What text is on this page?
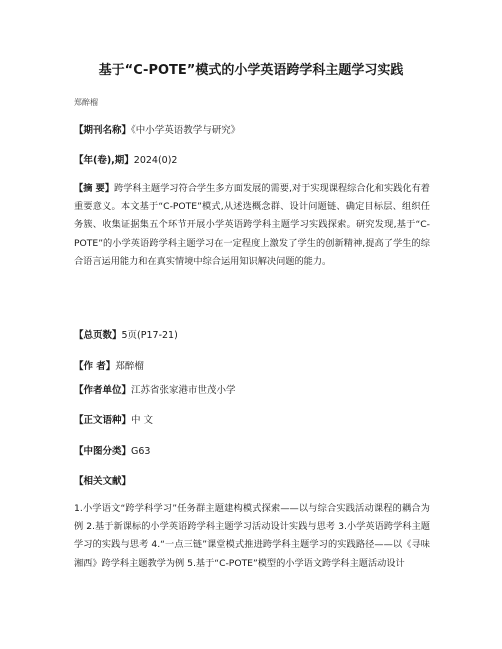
基于“C-POTE”模式的小学英语跨学科主题学习实践
郑醉榴
【期刊名称】《中小学英语教学与研究》
【年(卷),期】2024(0)2
【摘 要】跨学科主题学习符合学生多方面发展的需要,对于实现课程综合化和实践化有着重要意义。本文基于“C-POTE”模式,从述选概念群、设计问题链、确定目标层、组织任务簇、收集证据集五个环节开展小学英语跨学科主题学习实践探索。研究发现,基于“C-POTE”的小学英语跨学科主题学习在一定程度上激发了学生的创新精神,提高了学生的综合语言运用能力和在真实情境中综合运用知识解决问题的能力。
【总页数】5页(P17-21)
【作 者】郑醉榴
【作者单位】江苏省张家港市世茂小学
【正文语种】中 文
【中图分类】G63
【相关文献】
1.小学语文“跨学科学习”任务群主题建构模式探索——以与综合实践活动课程的耦合为例 2.基于新课标的小学英语跨学科主题学习活动设计实践与思考 3.小学英语跨学科主题学习的实践与思考 4.“一点三链”课堂模式推进跨学科主题学习的实践路径——以《寻味湘西》跨学科主题教学为例 5.基于“C-POTE”模型的小学语文跨学科主题活动设计
